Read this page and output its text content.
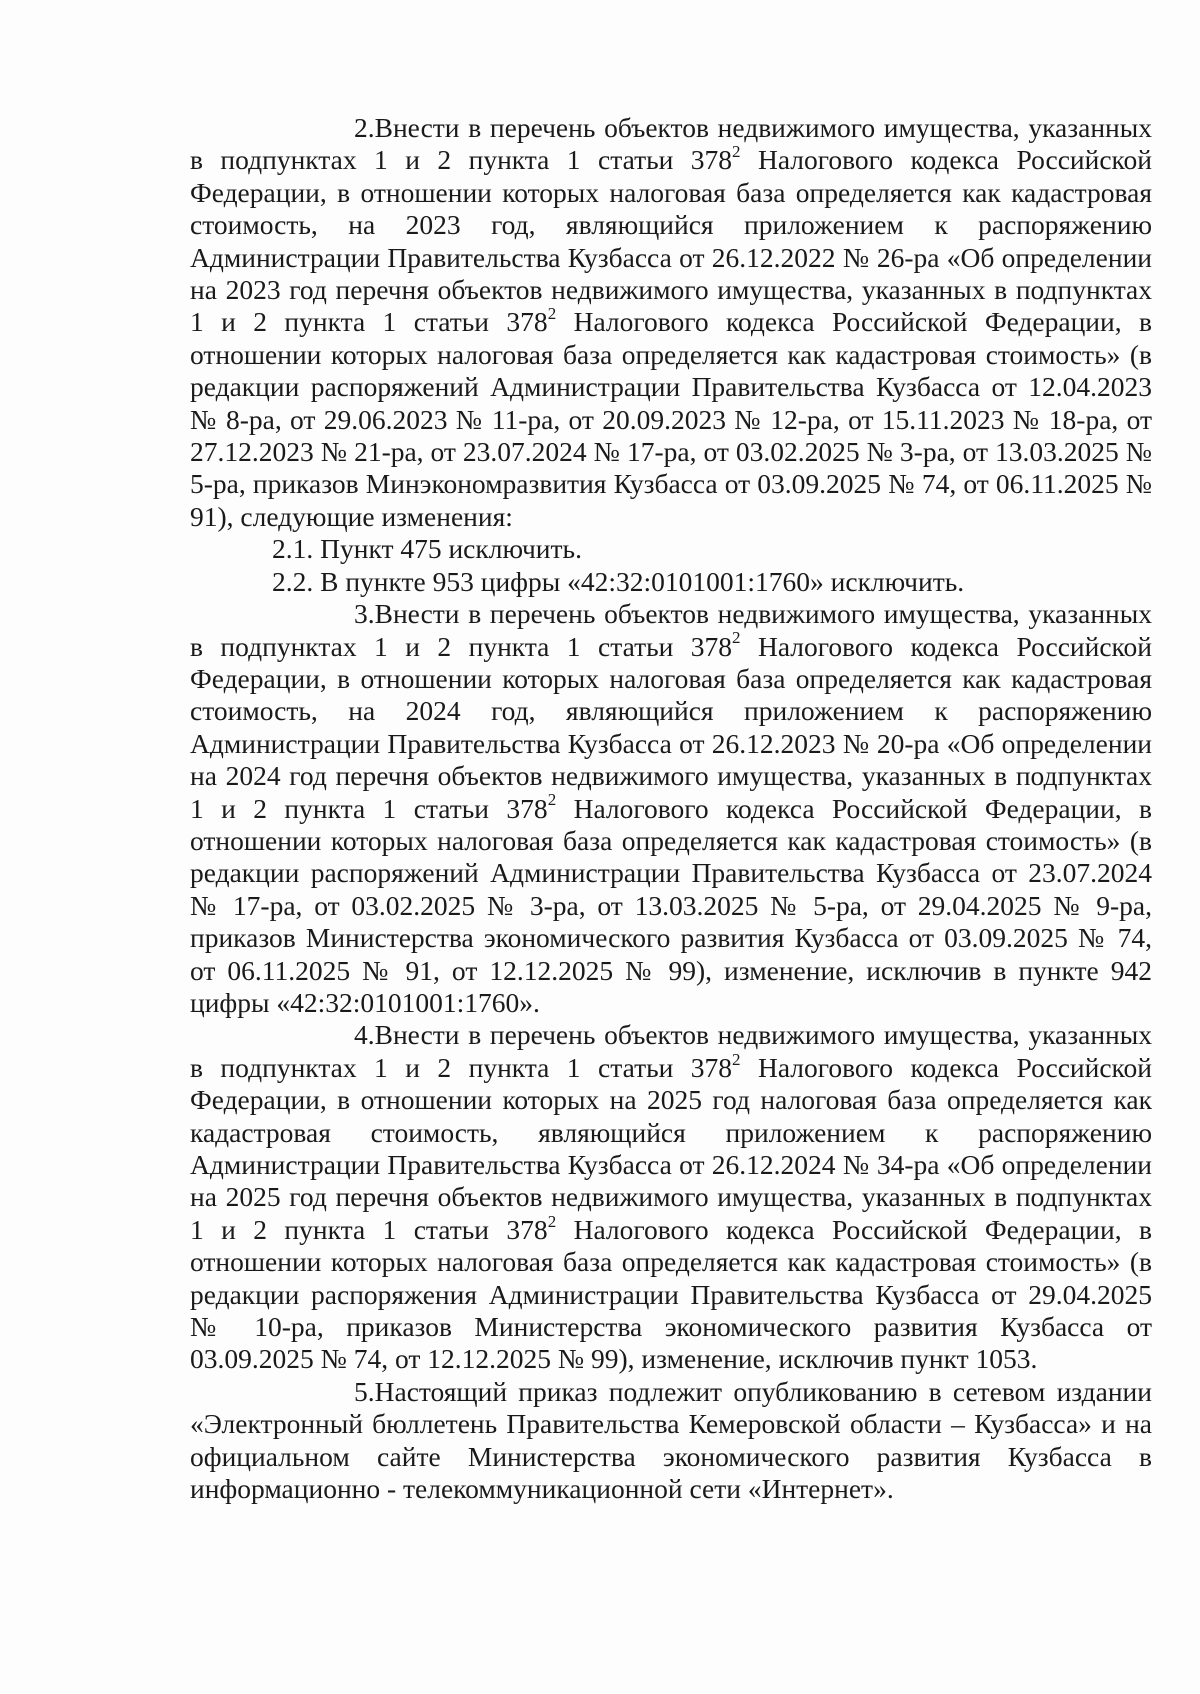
2.Внести в перечень объектов недвижимого имущества, указанных в подпунктах 1 и 2 пункта 1 статьи $378^2$ Налогового кодекса Российской Федерации, в отношении которых налоговая база определяется как кадастровая стоимость, на 2023 год, являющийся приложением к распоряжению Администрации Правительства Кузбасса от 26.12.2022 № 26-ра «Об определении на 2023 год перечня объектов недвижимого имущества, указанных в подпунктах 1 и 2 пункта 1 статьи $378^2$ Налогового кодекса Российской Федерации, в отношении которых налоговая база определяется как кадастровая стоимость» (в редакции распоряжений Администрации Правительства Кузбасса от 12.04.2023 № 8-ра, от 29.06.2023 № 11-ра, от 20.09.2023 № 12-ра, от 15.11.2023 № 18-ра, от 27.12.2023 № 21-ра, от 23.07.2024 № 17-ра, от 03.02.2025 № 3-ра, от 13.03.2025 № 5-ра, приказов Минэкономразвития Кузбасса от 03.09.2025 № 74, от 06.11.2025 № 91), следующие изменения:

2.1. Пункт 475 исключить.

2.2. В пункте 953 цифры «42:32:0101001:1760» исключить.

3.Внести в перечень объектов недвижимого имущества, указанных в подпунктах 1 и 2 пункта 1 статьи $378^2$ Налогового кодекса Российской Федерации, в отношении которых налоговая база определяется как кадастровая стоимость, на 2024 год, являющийся приложением к распоряжению Администрации Правительства Кузбасса от 26.12.2023 № 20-ра «Об определении на 2024 год перечня объектов недвижимого имущества, указанных в подпунктах 1 и 2 пункта 1 статьи $378^2$ Налогового кодекса Российской Федерации, в отношении которых налоговая база определяется как кадастровая стоимость» (в редакции распоряжений Администрации Правительства Кузбасса от 23.07.2024 № 17-ра, от 03.02.2025 № 3-ра, от 13.03.2025 № 5-ра, от 29.04.2025 № 9-ра, приказов Министерства экономического развития Кузбасса от 03.09.2025 № 74, от 06.11.2025 № 91, от 12.12.2025 № 99), изменение, исключив в пункте 942 цифры «42:32:0101001:1760».

4.Внести в перечень объектов недвижимого имущества, указанных в подпунктах 1 и 2 пункта 1 статьи $378^2$ Налогового кодекса Российской Федерации, в отношении которых на 2025 год налоговая база определяется как кадастровая стоимость, являющийся приложением к распоряжению Администрации Правительства Кузбасса от 26.12.2024 № 34-ра «Об определении на 2025 год перечня объектов недвижимого имущества, указанных в подпунктах 1 и 2 пункта 1 статьи $378^2$ Налогового кодекса Российской Федерации, в отношении которых налоговая база определяется как кадастровая стоимость» (в редакции распоряжения Администрации Правительства Кузбасса от 29.04.2025 № 10-ра, приказов Министерства экономического развития Кузбасса от 03.09.2025 № 74, от 12.12.2025 № 99), изменение, исключив пункт 1053.

5.Настоящий приказ подлежит опубликованию в сетевом издании «Электронный бюллетень Правительства Кемеровской области – Кузбасса» и на официальном сайте Министерства экономического развития Кузбасса в информационно - телекоммуникационной сети «Интернет».
